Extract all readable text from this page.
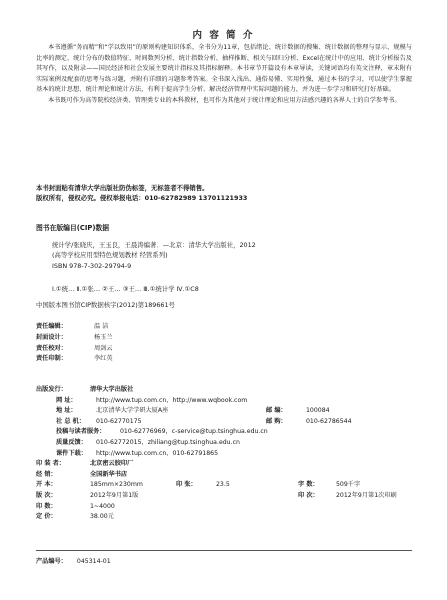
内 容 简 介

本书遵循“务而精”和“学以致用”的原则构建知识体系，全书分为11章，包括绪论、统计数据的搜集、统计数据的整理与显示、规模与比率的测定、统计分布的数值特征、时间数列分析、统计指数分析、抽样推断、相关与回归分析、Excel在统计中的应用、统计分析报告及其写作，以及附录——国民经济和社会发展主要统计指标及其指标解释。本书章节开篇设有本章导读，关键词语均有英文注释，章末附有实际案例及配套的思考与练习题，并附有详细的习题参考答案。全书深入浅出、通俗易懂、实用性强，通过本书的学习，可以使学生掌握基本的统计思想、统计理论和统计方法，有利于提高学生分析、解决经济管理中实际问题的能力，并为进一步学习和研究打好基础。

本书既可作为高等院校经济类、管理类专业的本科教材，也可作为其他对于统计理论和应用方法感兴趣的各界人士的自学参考书。

本书封面贴有清华大学出版社防伪标签，无标签者不得销售。
版权所有，侵权必究。侵权举报电话：010-62782989 13701121933
图书在版编目(CIP)数据
统计学/张晓庆，王玉良，王晨涛编著．—北京：清华大学出版社，2012
(高等学校应用型特色规划教材 经管系列)
ISBN 978-7-302-29794-9
Ⅰ.①统… Ⅱ.①张… ②王… ③王… Ⅲ.①统计学 Ⅳ.①C8
中国版本图书馆CIP数据核字(2012)第189661号
责任编辑：	温 洁
封面设计：	杨玉兰
责任校对：	周剑云
责任印制：	李红英
出版发行：	清华大学出版社
网 址：	http://www.tup.com.cn，http://www.wqbook.com
地 址：	北京清华大学学研大厦A座	邮 编：	100084
社 总 机： 010-62770175	邮 购：	010-62786544
投稿与读者服务： 010-62776969，c-service@tup.tsinghua.edu.cn
质量反馈： 010-62772015，zhiliang@tup.tsinghua.edu.cn
课件下载： http://www.tup.com.cn，010-62791865
印 装 者：	北京密云胶印厂
经 销：	全国新华书店
开 本：	185mm×230mm	印 张：	23.5	字 数：	509千字
版 次：	2012年9月第1版	印 次：	2012年9月第1次印刷
印 数：	1~4000
定 价：	38.00元
产品编号： 045314-01
